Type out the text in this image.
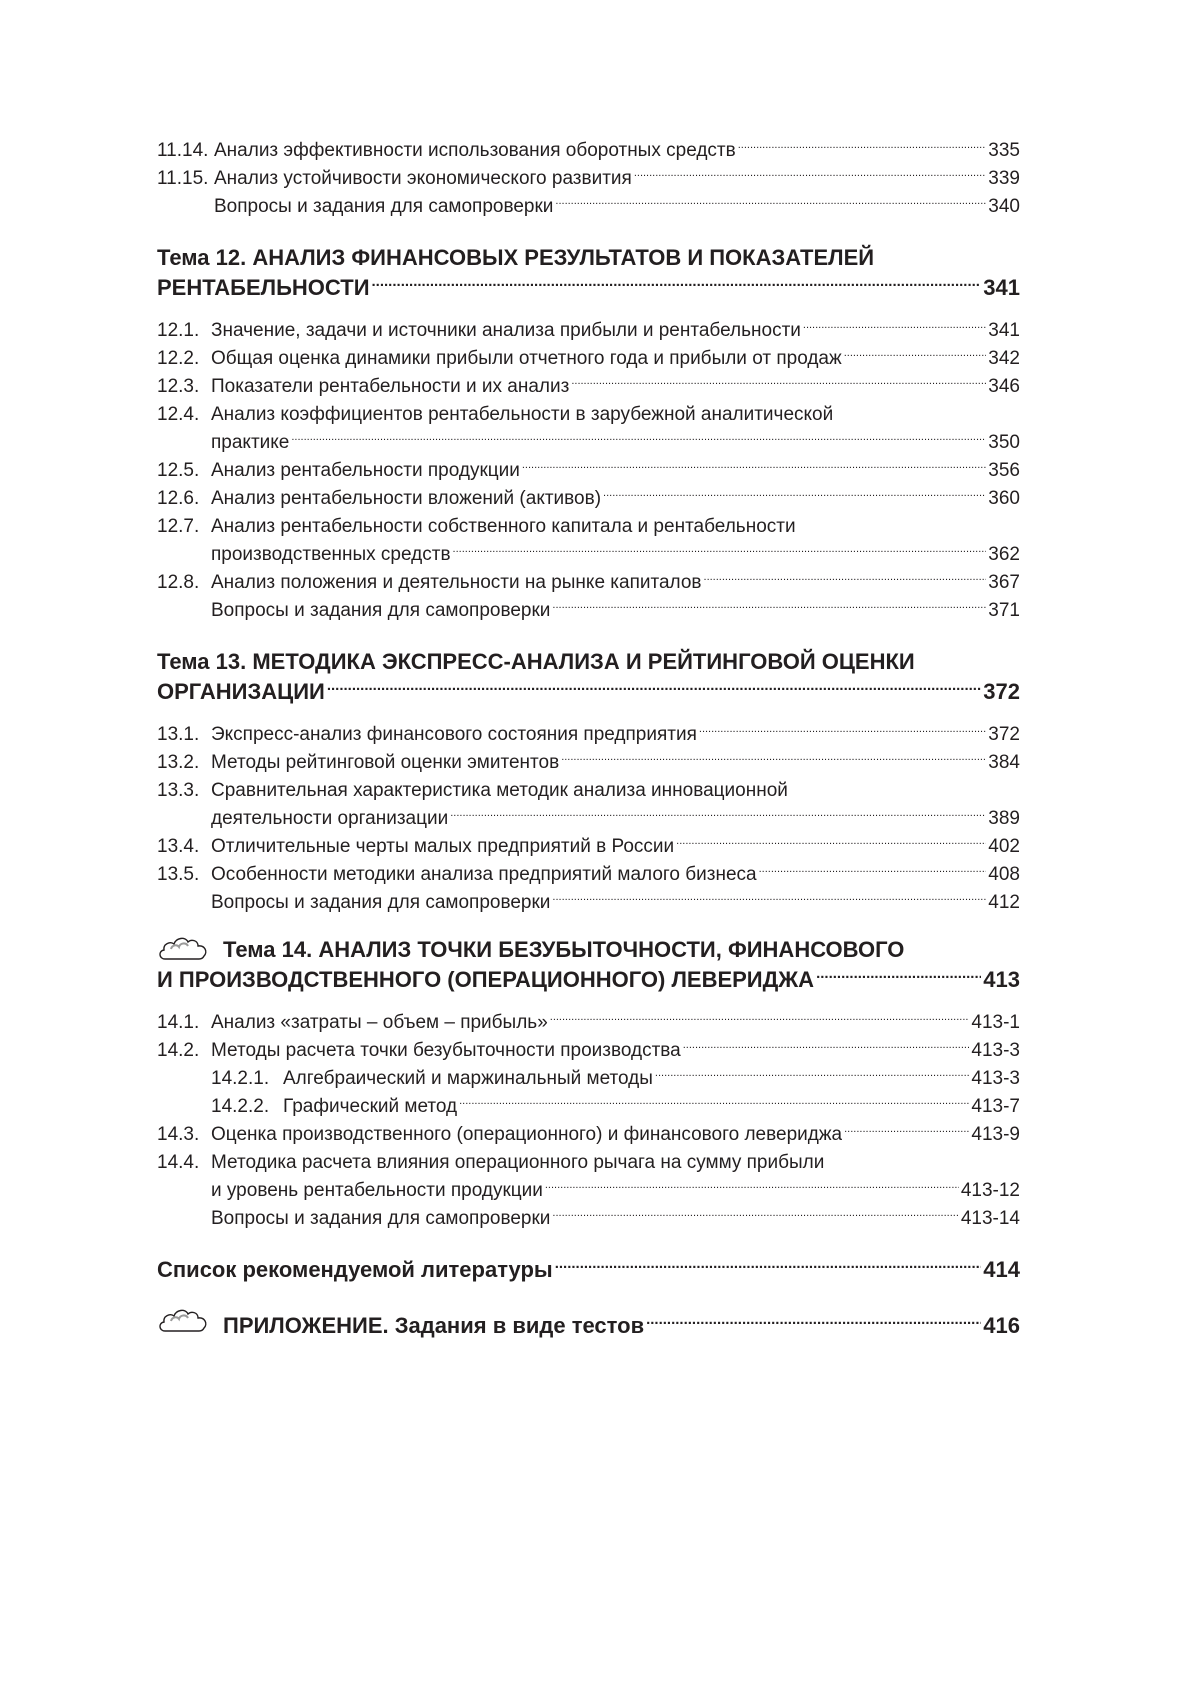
11.14. Анализ эффективности использования оборотных средств .....	335
11.15. Анализ устойчивости экономического развития .....	339
Вопросы и задания для самопроверки .....	340
Тема 12. АНАЛИЗ ФИНАНСОВЫХ РЕЗУЛЬТАТОВ И ПОКАЗАТЕЛЕЙ
РЕНТАБЕЛЬНОСТИ .....	341
12.1. Значение, задачи и источники анализа прибыли и рентабельности .....	341
12.2. Общая оценка динамики прибыли отчетного года и прибыли от продаж .....	342
12.3. Показатели рентабельности и их анализ .....	346
12.4. Анализ коэффициентов рентабельности в зарубежной аналитической
практике .....	350
12.5. Анализ рентабельности продукции .....	356
12.6. Анализ рентабельности вложений (активов) .....	360
12.7. Анализ рентабельности собственного капитала и рентабельности
производственных средств .....	362
12.8. Анализ положения и деятельности на рынке капиталов .....	367
Вопросы и задания для самопроверки .....	371
Тема 13. МЕТОДИКА ЭКСПРЕСС-АНАЛИЗА И РЕЙТИНГОВОЙ ОЦЕНКИ
ОРГАНИЗАЦИИ .....	372
13.1. Экспресс-анализ финансового состояния предприятия .....	372
13.2. Методы рейтинговой оценки эмитентов .....	384
13.3. Сравнительная характеристика методик анализа инновационной
деятельности организации .....	389
13.4. Отличительные черты малых предприятий в России .....	402
13.5. Особенности методики анализа предприятий малого бизнеса .....	408
Вопросы и задания для самопроверки .....	412
Тема 14. АНАЛИЗ ТОЧКИ БЕЗУБЫТОЧНОСТИ, ФИНАНСОВОГО
И ПРОИЗВОДСТВЕННОГО (ОПЕРАЦИОННОГО) ЛЕВЕРИДЖА .....	413
14.1. Анализ «затраты – объем – прибыль» .....	413-1
14.2. Методы расчета точки безубыточности производства .....	413-3
14.2.1. Алгебраический и маржинальный методы .....	413-3
14.2.2. Графический метод .....	413-7
14.3. Оценка производственного (операционного) и финансового левериджа .....	413-9
14.4. Методика расчета влияния операционного рычага на сумму прибыли
и уровень рентабельности продукции .....	413-12
Вопросы и задания для самопроверки .....	413-14
Список рекомендуемой литературы .....	414
ПРИЛОЖЕНИЕ. Задания в виде тестов .....	416
